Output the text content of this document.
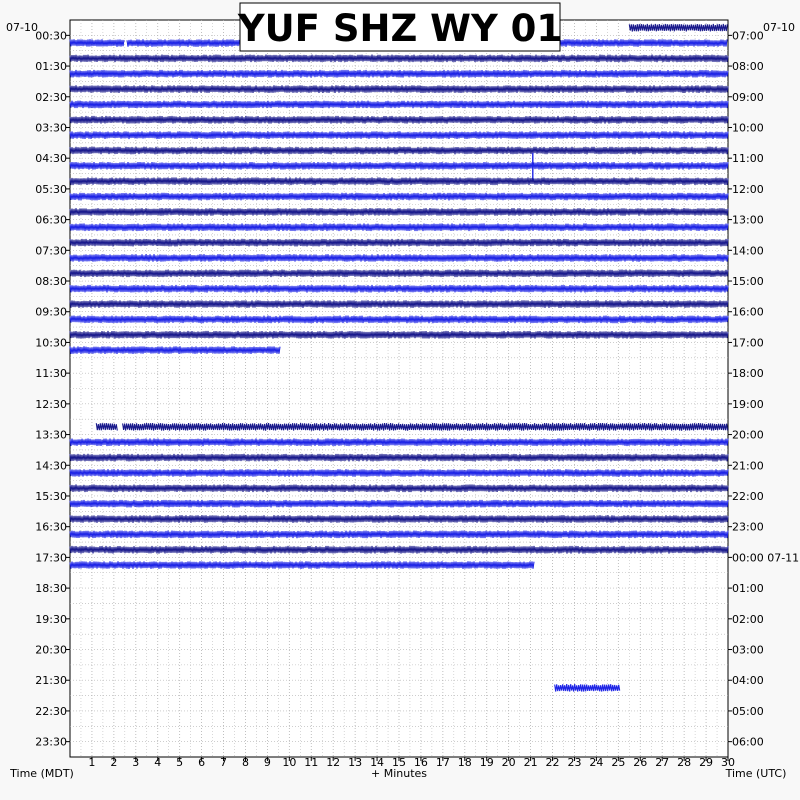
1 2 3 4 5 6 7 8 9 10 11 12 13 14 15 16 17 18 19 20 21 22 23 24 25 26 27 28 29 30
00:30
01:30
02:30
03:30
04:30
05:30
06:30
07:30
08:30
09:30
10:30
11:30
12:30
13:30
14:30
15:30
16:30
17:30
18:30
19:30
20:30
21:30
22:30
23:30
07:00
08:00
09:00
10:00
11:00
12:00
13:00
14:00
15:00
16:00
17:00
18:00
19:00
20:00
21:00
22:00
23:00
00:00 07-11
01:00
02:00
03:00
04:00
05:00
06:00
YUF SHZ WY 01
07-10	07-10
+ Minutes
Time (MDT)	Time (UTC)
